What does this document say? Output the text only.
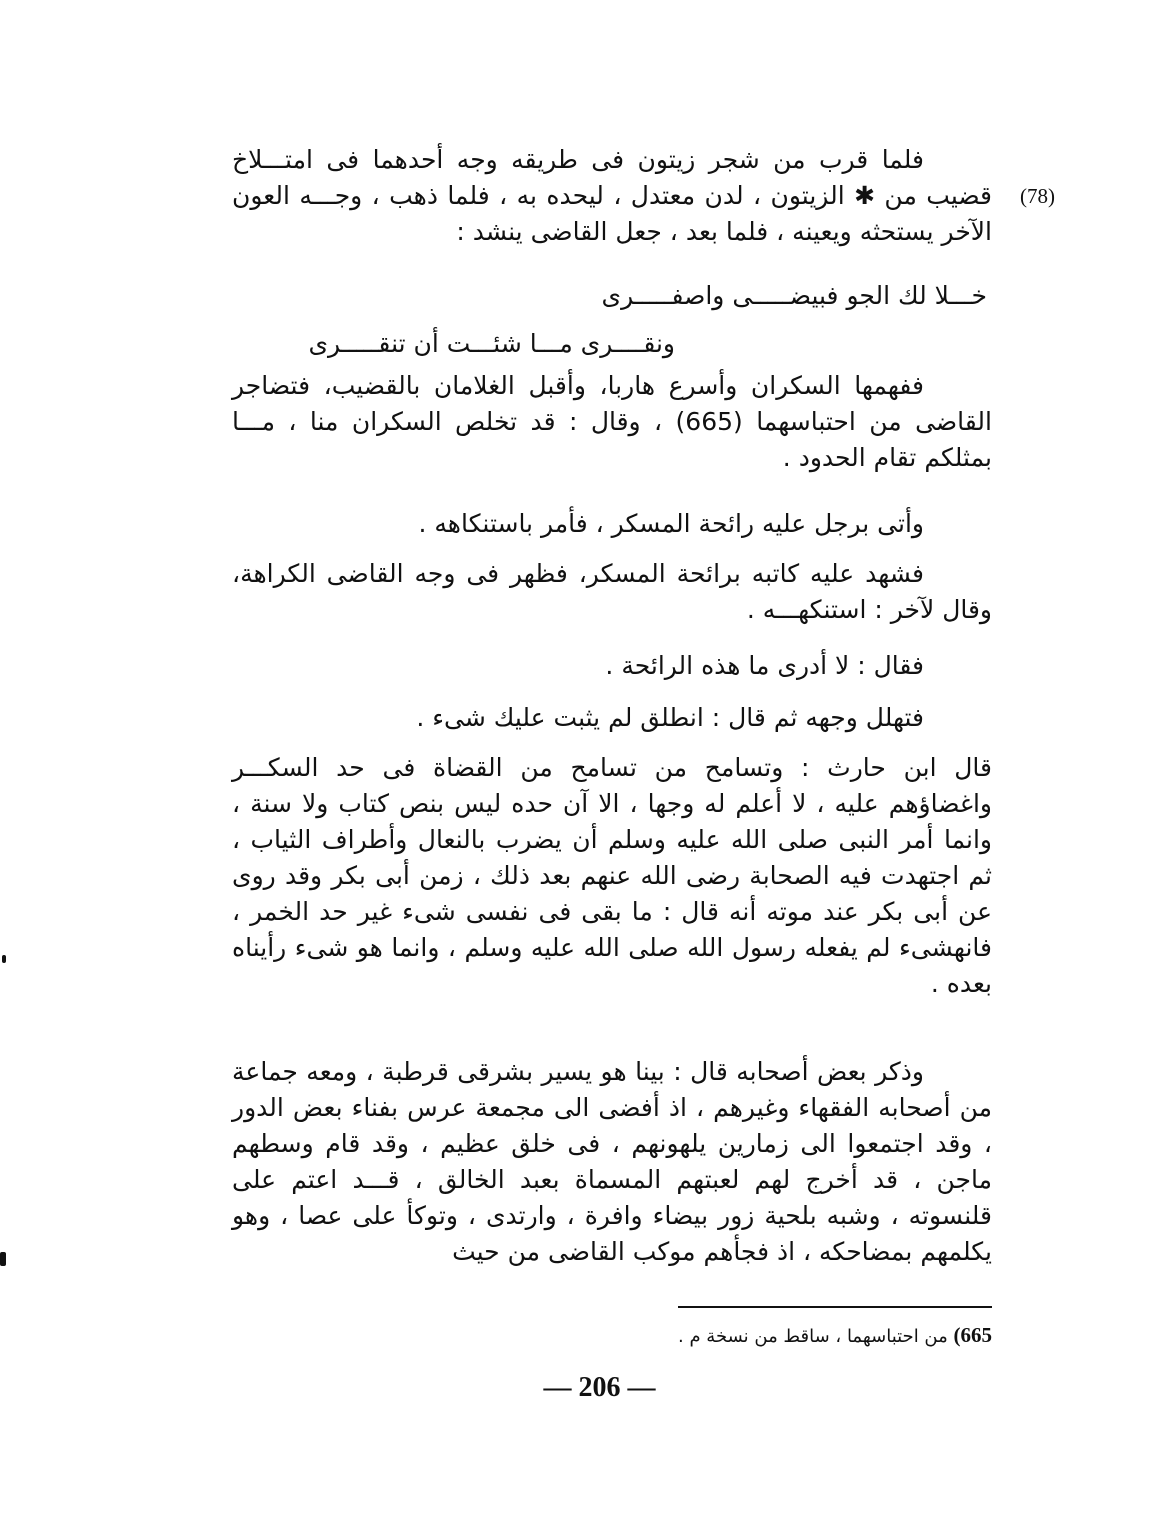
(78)

فلما قرب من شجر زيتون فى طريقه وجه أحدهما فى امتـــلاخ قضيب من ✱ الزيتون ، لدن معتدل ، ليحده به ، فلما ذهب ، وجـــه العون الآخر يستحثه ويعينه ، فلما بعد ، جعل القاضى ينشد :

خـــلا لك الجو فبيضـــــى واصفـــــرى
ونقــــرى مـــا شئـــت أن تنقـــــرى

ففهمها السكران وأسرع هاربا، وأقبل الغلامان بالقضيب، فتضاجر القاضى من احتباسهما (665) ، وقال : قد تخلص السكران منا ، مـــا بمثلكم تقام الحدود .

وأتى برجل عليه رائحة المسكر ، فأمر باستنكاهه .

فشهد عليه كاتبه برائحة المسكر، فظهر فى وجه القاضى الكراهة، وقال لآخر : استنكهـــه .

فقال : لا أدرى ما هذه الرائحة .

فتهلل وجهه ثم قال : انطلق لم يثبت عليك شىء .

قال ابن حارث : وتسامح من تسامح من القضاة فى حد السكـــر واغضاؤهم عليه ، لا أعلم له وجها ، الا آن حده ليس بنص كتاب ولا سنة ، وانما أمر النبى صلى الله عليه وسلم أن يضرب بالنعال وأطراف الثياب ، ثم اجتهدت فيه الصحابة رضى الله عنهم بعد ذلك ، زمن أبى بكر وقد روى عن أبى بكر عند موته أنه قال : ما بقى فى نفسى شىء غير حد الخمر ، فانهشىء لم يفعله رسول الله صلى الله عليه وسلم ، وانما هو شىء رأيناه بعده .

وذكر بعض أصحابه قال : بينا هو يسير بشرقى قرطبة ، ومعه جماعة من أصحابه الفقهاء وغيرهم ، اذ أفضى الى مجمعة عرس بفناء بعض الدور ، وقد اجتمعوا الى زمارين يلهونهم ، فى خلق عظيم ، وقد قام وسطهم ماجن ، قد أخرج لهم لعبتهم المسماة بعبد الخالق ، قـــد اعتم على قلنسوته ، وشبه بلحية زور بيضاء وافرة ، وارتدى ، وتوكأ على عصا ، وهو يكلمهم بمضاحكه ، اذ فجأهم موكب القاضى من حيث

665) من احتباسهما ، ساقط من نسخة م .
— 206 —
